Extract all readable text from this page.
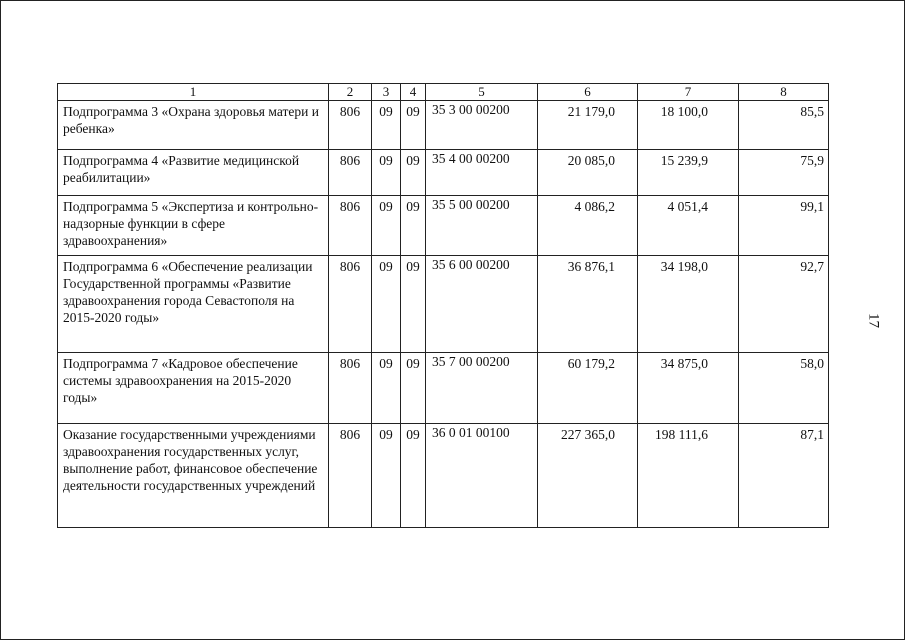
17
1	2	3	4	5	6	7	8
Подпрограмма 3 «Охрана здоровья матери и ребенка»	806	09	09	35 3 00 00200	21 179,0	18 100,0	85,5
Подпрограмма 4 «Развитие медицинской реабилитации»	806	09	09	35 4 00 00200	20 085,0	15 239,9	75,9
Подпрограмма 5 «Экспертиза и контрольно-надзорные функции в сфере здравоохранения»	806	09	09	35 5 00 00200	4 086,2	4 051,4	99,1
Подпрограмма 6 «Обеспечение реализации Государственной программы «Развитие здравоохранения города Севастополя на 2015-2020 годы»	806	09	09	35 6 00 00200	36 876,1	34 198,0	92,7
Подпрограмма 7 «Кадровое обеспечение системы здравоохранения на 2015-2020 годы»	806	09	09	35 7 00 00200	60 179,2	34 875,0	58,0
Оказание государственными учреждениями здравоохранения государственных услуг, выполнение работ, финансовое обеспечение деятельности государственных учреждений	806	09	09	36 0 01 00100	227 365,0	198 111,6	87,1
